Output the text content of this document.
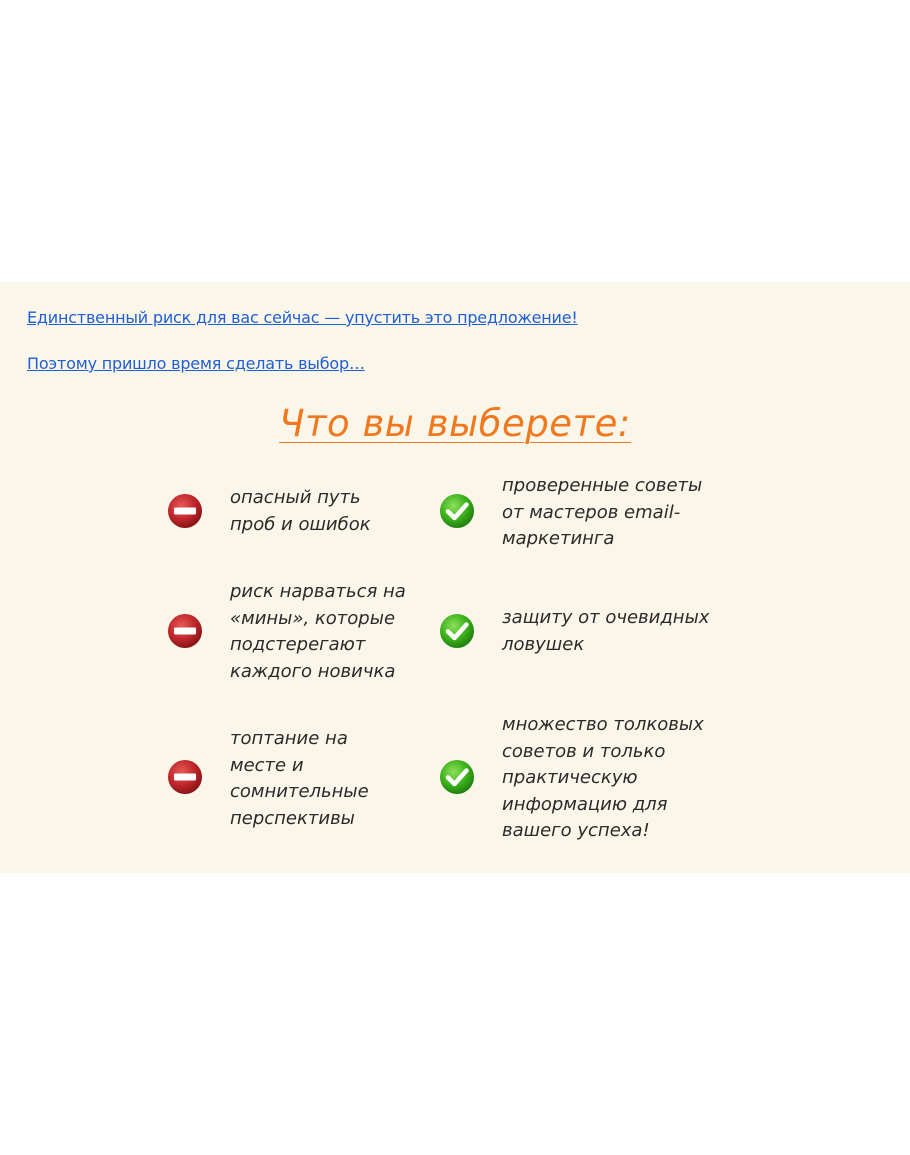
Единственный риск для вас сейчас — упустить это предложение!
Поэтому пришло время сделать выбор…
Что вы выберете:
опасный путь
проб и ошибок
проверенные советы
от мастеров email-
маркетинга
риск нарваться на
«мины», которые
подстерегают
каждого новичка
защиту от очевидных
ловушек
топтание на
месте и
сомнительные
перспективы
множество толковых
советов и только
практическую
информацию для
вашего успеха!
